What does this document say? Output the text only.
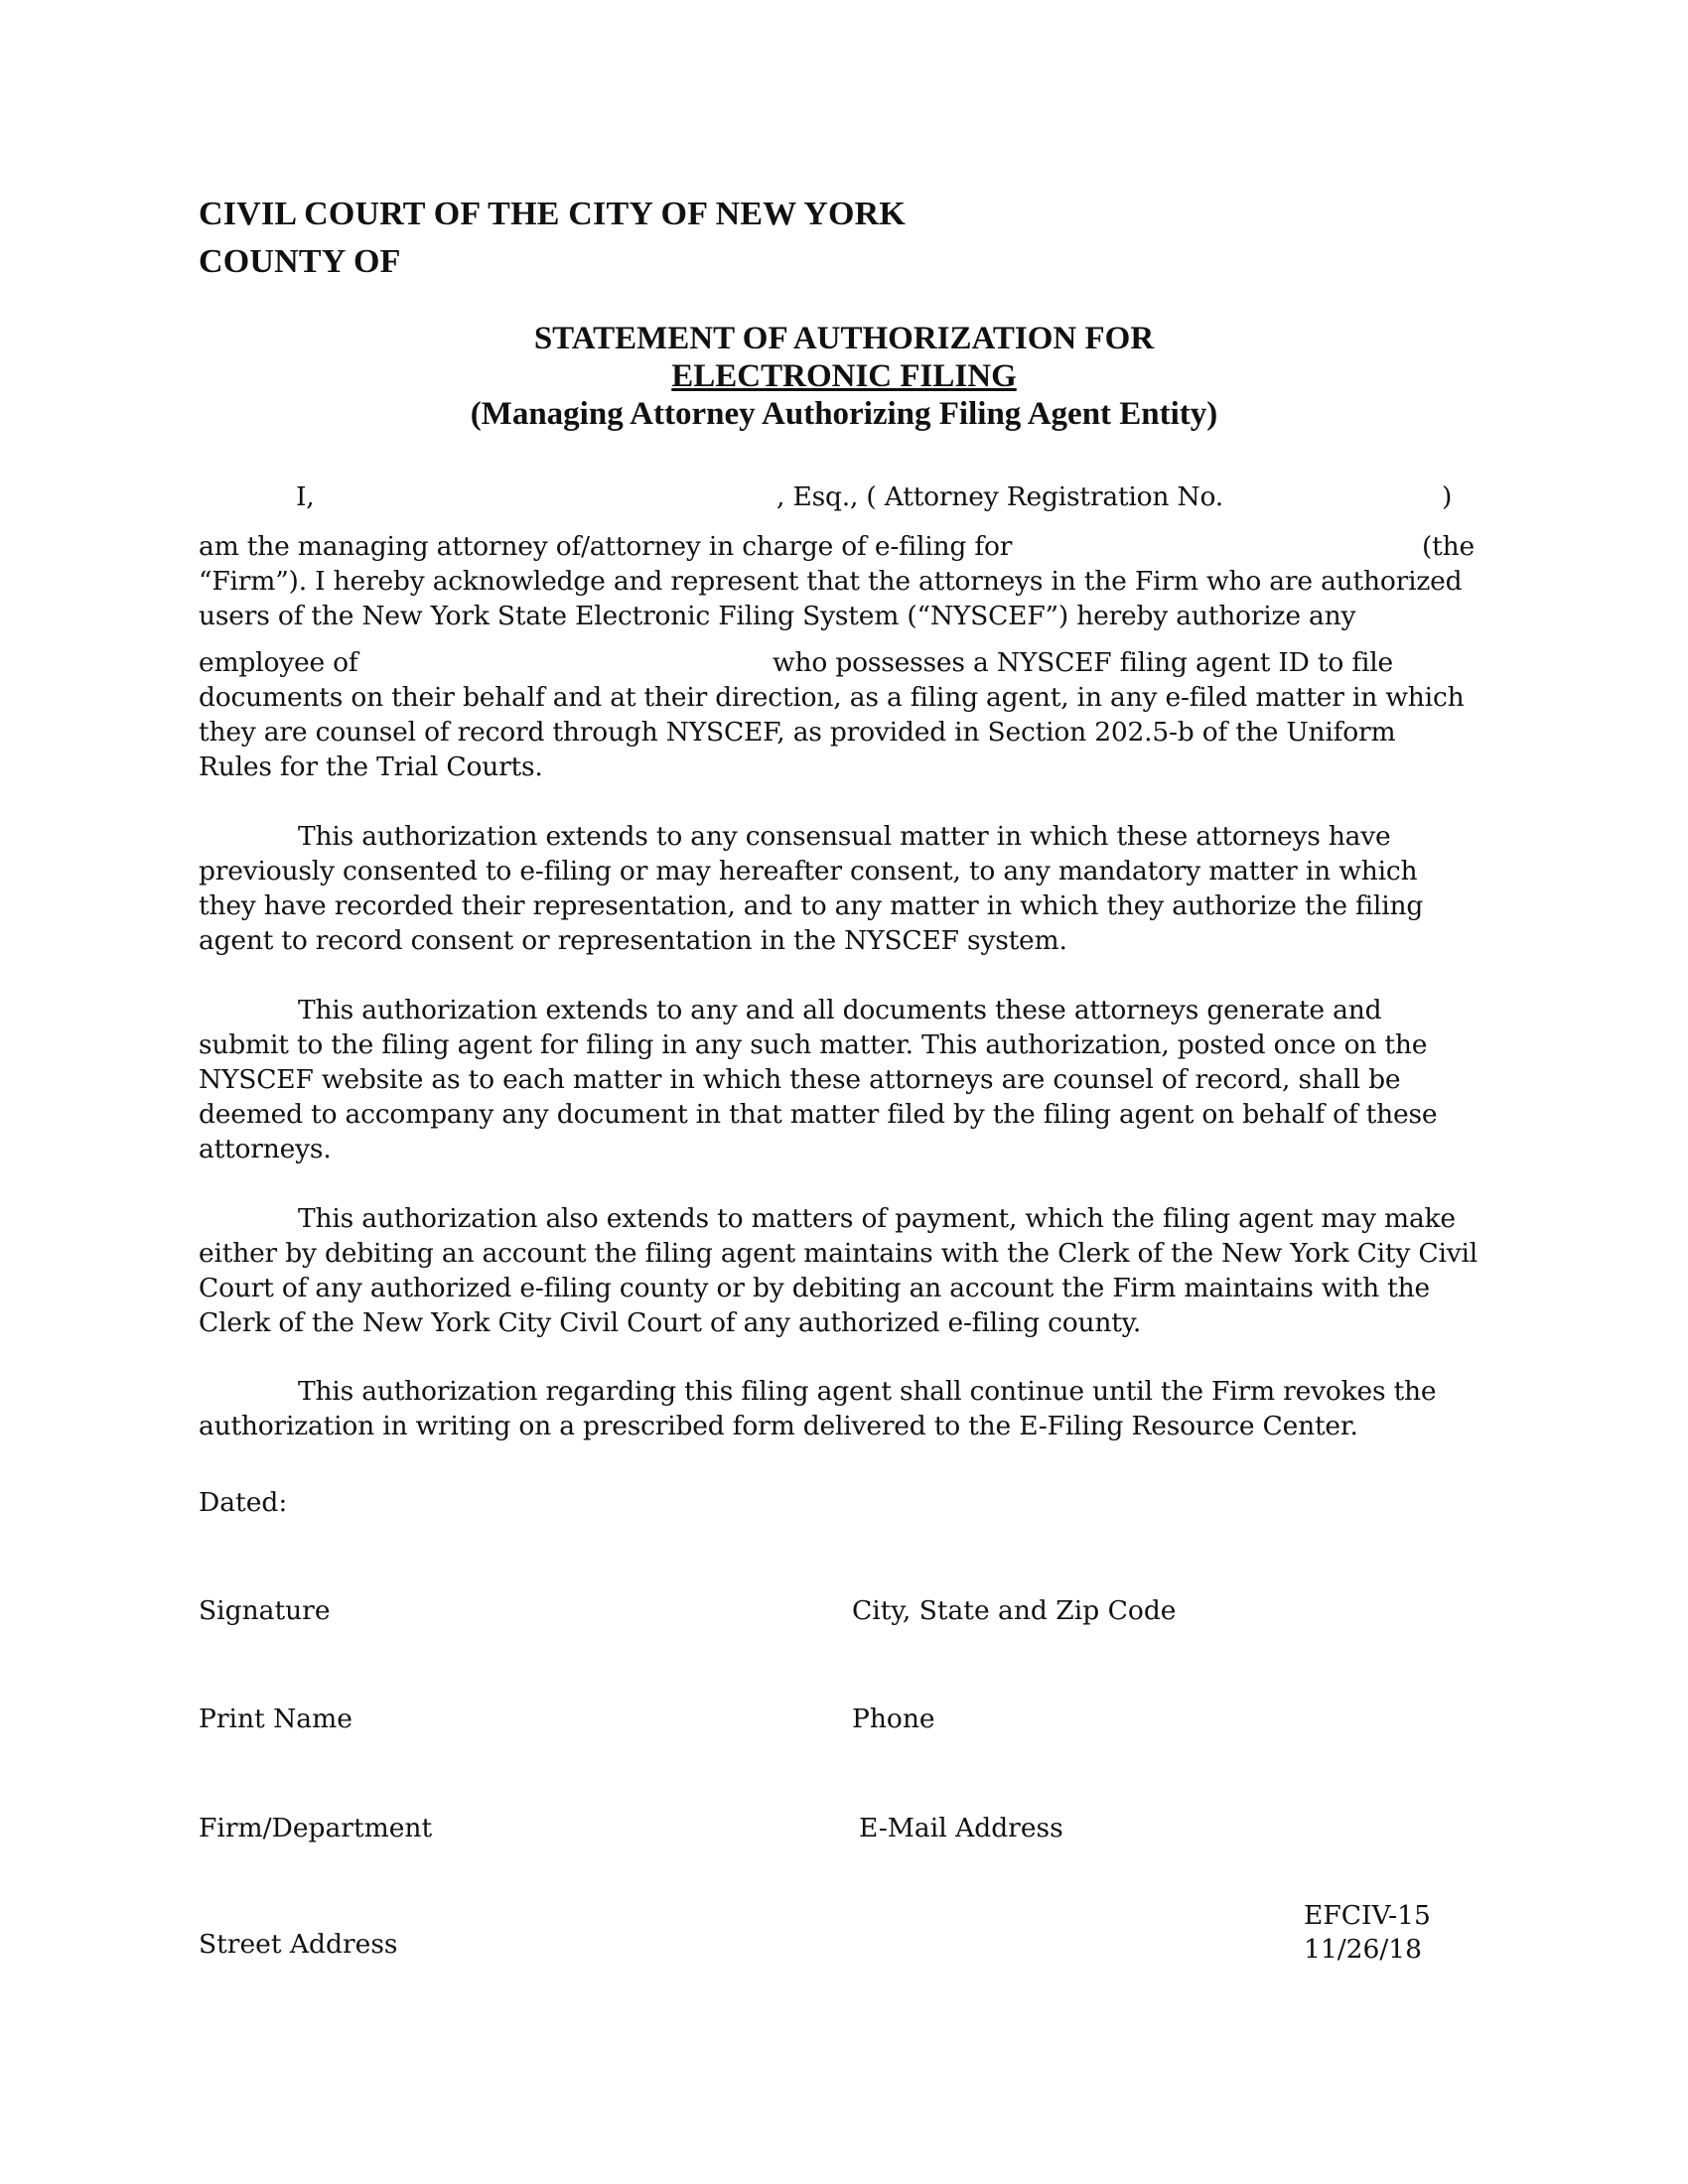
CIVIL COURT OF THE CITY OF NEW YORK
COUNTY OF
STATEMENT OF AUTHORIZATION FOR
ELECTRONIC FILING
(Managing Attorney Authorizing Filing Agent Entity)
I,	, Esq., ( Attorney Registration No.	)
am the managing attorney of/attorney in charge of e-filing for	(the
“Firm”). I hereby acknowledge and represent that the attorneys in the Firm who are authorized
users of the New York State Electronic Filing System (“NYSCEF”) hereby authorize any
employee of	who possesses a NYSCEF filing agent ID to file
documents on their behalf and at their direction, as a filing agent, in any e-filed matter in which
they are counsel of record through NYSCEF, as provided in Section 202.5-b of the Uniform
Rules for the Trial Courts.
This authorization extends to any consensual matter in which these attorneys have
previously consented to e-filing or may hereafter consent, to any mandatory matter in which
they have recorded their representation, and to any matter in which they authorize the filing
agent to record consent or representation in the NYSCEF system.
This authorization extends to any and all documents these attorneys generate and
submit to the filing agent for filing in any such matter. This authorization, posted once on the
NYSCEF website as to each matter in which these attorneys are counsel of record, shall be
deemed to accompany any document in that matter filed by the filing agent on behalf of these
attorneys.
This authorization also extends to matters of payment, which the filing agent may make
either by debiting an account the filing agent maintains with the Clerk of the New York City Civil
Court of any authorized e-filing county or by debiting an account the Firm maintains with the
Clerk of the New York City Civil Court of any authorized e-filing county.
This authorization regarding this filing agent shall continue until the Firm revokes the
authorization in writing on a prescribed form delivered to the E-Filing Resource Center.
Dated:
Signature	City, State and Zip Code
Print Name	Phone
Firm/Department	E-Mail Address
Street Address
EFCIV-15
11/26/18
